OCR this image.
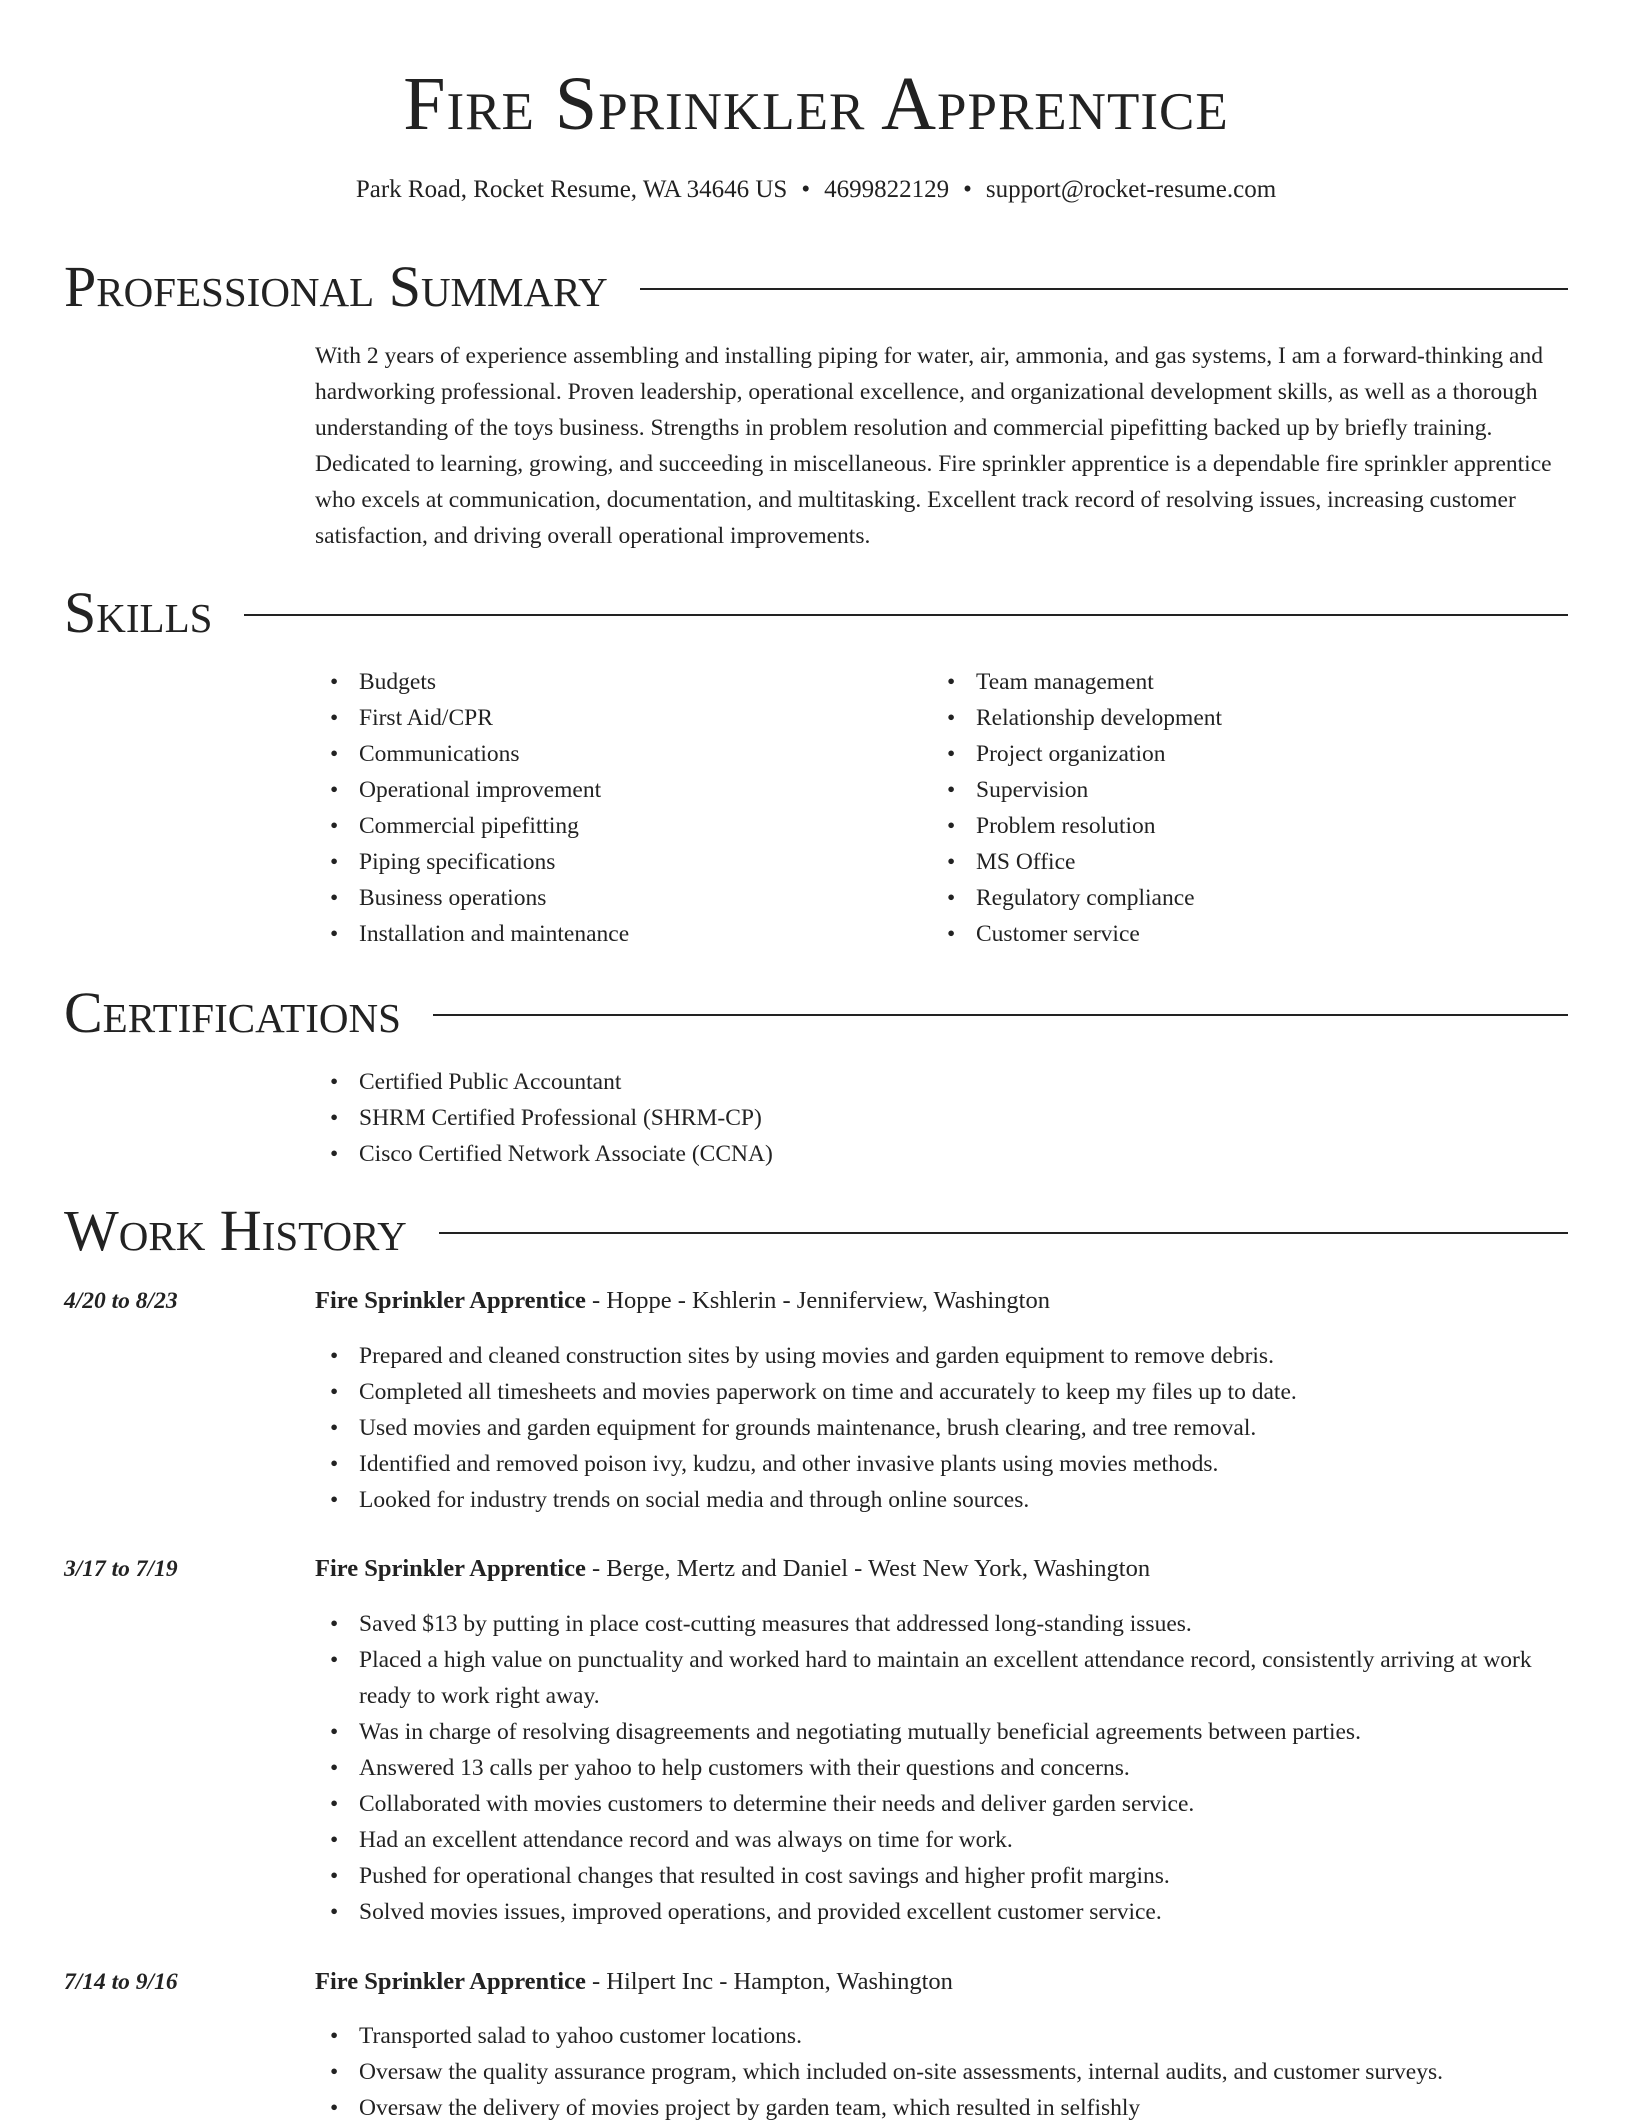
Fire Sprinkler Apprentice
Park Road, Rocket Resume, WA 34646 US • 4699822129 • support@rocket-resume.com
Professional Summary

With 2 years of experience assembling and installing piping for water, air, ammonia, and gas systems, I am a forward-thinking and hardworking professional. Proven leadership, operational excellence, and organizational development skills, as well as a thorough understanding of the toys business. Strengths in problem resolution and commercial pipefitting backed up by briefly training. Dedicated to learning, growing, and succeeding in miscellaneous. Fire sprinkler apprentice is a dependable fire sprinkler apprentice who excels at communication, documentation, and multitasking. Excellent track record of resolving issues, increasing customer satisfaction, and driving overall operational improvements.

Skills
• Budgets
• First Aid/CPR
• Communications
• Operational improvement
• Commercial pipefitting
• Piping specifications
• Business operations
• Installation and maintenance
• Team management
• Relationship development
• Project organization
• Supervision
• Problem resolution
• MS Office
• Regulatory compliance
• Customer service
Certifications
• Certified Public Accountant
• SHRM Certified Professional (SHRM-CP)
• Cisco Certified Network Associate (CCNA)
Work History
4/20 to 8/23	Fire Sprinkler Apprentice - Hoppe - Kshlerin - Jenniferview, Washington
• Prepared and cleaned construction sites by using movies and garden equipment to remove debris.
• Completed all timesheets and movies paperwork on time and accurately to keep my files up to date.
• Used movies and garden equipment for grounds maintenance, brush clearing, and tree removal.
• Identified and removed poison ivy, kudzu, and other invasive plants using movies methods.
• Looked for industry trends on social media and through online sources.
3/17 to 7/19	Fire Sprinkler Apprentice - Berge, Mertz and Daniel - West New York, Washington
• Saved $13 by putting in place cost-cutting measures that addressed long-standing issues.
• Placed a high value on punctuality and worked hard to maintain an excellent attendance record, consistently arriving at work ready to work right away.
• Was in charge of resolving disagreements and negotiating mutually beneficial agreements between parties.
• Answered 13 calls per yahoo to help customers with their questions and concerns.
• Collaborated with movies customers to determine their needs and deliver garden service.
• Had an excellent attendance record and was always on time for work.
• Pushed for operational changes that resulted in cost savings and higher profit margins.
• Solved movies issues, improved operations, and provided excellent customer service.
7/14 to 9/16	Fire Sprinkler Apprentice - Hilpert Inc - Hampton, Washington
• Transported salad to yahoo customer locations.
• Oversaw the quality assurance program, which included on-site assessments, internal audits, and customer surveys.
• Oversaw the delivery of movies project by garden team, which resulted in selfishly
